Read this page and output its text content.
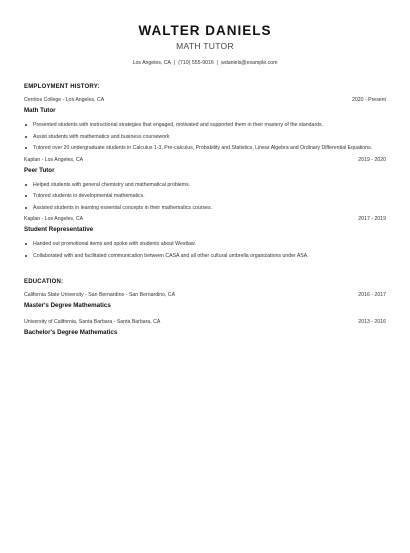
WALTER DANIELS
MATH TUTOR
Los Angeles, CA | (710) 555-9016 | wdaniels@example.com
EMPLOYMENT HISTORY:
Cerritos College - Los Angeles, CA	2020 - Present
Math Tutor
Presented students with instructional strategies that engaged, motivated and supported them in their mastery of the standards.
Assist students with mathematics and business coursework
Tutored over 20 undergraduate students in Calculus 1-3, Pre-calculus, Probability and Statistics, Linear Algebra and Ordinary Differential Equations.
Kaplan - Los Angeles, CA	2019 - 2020
Peer Tutor
Helped students with general chemistry and mathematical problems.
Tutored students in developmental mathematics.
Assisted students in learning essential concepts in their mathematics courses.
Kaplan - Los Angeles, CA	2017 - 2019
Student Representative
Handed out promotional items and spoke with students about Westlaw.
Collaborated with and facilitated communication between CASA and all other cultural umbrella organizations under ASA.
EDUCATION:
California State University - San Bernardino - San Bernardino, CA	2016 - 2017
Master's Degree Mathematics
University of California, Santa Barbara - Santa Barbara, CA	2013 - 2016
Bachelor's Degree Mathematics
